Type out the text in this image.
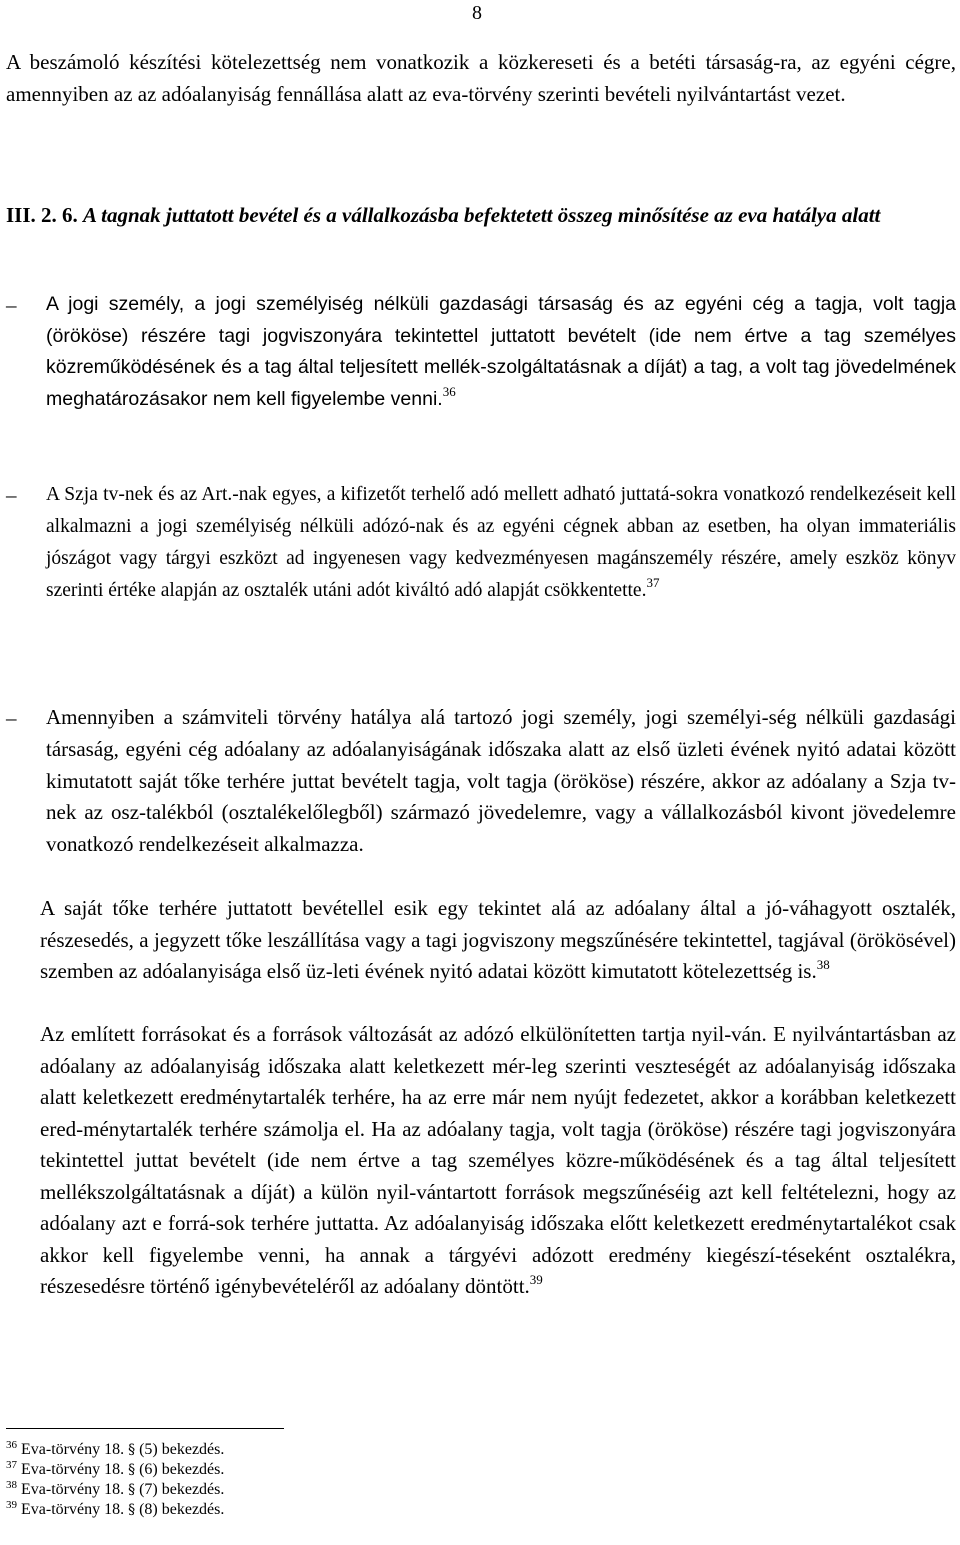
8

A beszámoló készítési kötelezettség nem vonatkozik a közkereseti és a betéti társaság-ra, az egyéni cégre, amennyiben az az adóalanyiság fennállása alatt az eva-törvény szerinti bevételi nyilvántartást vezet.

III. 2. 6. A tagnak juttatott bevétel és a vállalkozásba befektetett összeg minősítése az eva hatálya alatt

–	A jogi személy, a jogi személyiség nélküli gazdasági társaság és az egyéni cég a tagja, volt tagja (örököse) részére tagi jogviszonyára tekintettel juttatott bevételt (ide nem értve a tag személyes közreműködésének és a tag által teljesített mellék-szolgáltatásnak a díját) a tag, a volt tag jövedelmének meghatározásakor nem kell figyelembe venni.$^{36}$
–	A Szja tv-nek és az Art.-nak egyes, a kifizetőt terhelő adó mellett adható juttatá-sokra vonatkozó rendelkezéseit kell alkalmazni a jogi személyiség nélküli adózó-nak és az egyéni cégnek abban az esetben, ha olyan immateriális jószágot vagy tárgyi eszközt ad ingyenesen vagy kedvezményesen magánszemély részére, amely eszköz könyv szerinti értéke alapján az osztalék utáni adót kiváltó adó alapját csökkentette.$^{37}$
–	Amennyiben a számviteli törvény hatálya alá tartozó jogi személy, jogi személyi-ség nélküli gazdasági társaság, egyéni cég adóalany az adóalanyiságának időszaka alatt az első üzleti évének nyitó adatai között kimutatott saját tőke terhére juttat bevételt tagja, volt tagja (örököse) részére, akkor az adóalany a Szja tv-nek az osz-talékból (osztalékelőlegből) származó jövedelemre, vagy a vállalkozásból kivont jövedelemre vonatkozó rendelkezéseit alkalmazza.

A saját tőke terhére juttatott bevétellel esik egy tekintet alá az adóalany által a jó-váhagyott osztalék, részesedés, a jegyzett tőke leszállítása vagy a tagi jogviszony megszűnésére tekintettel, tagjával (örökösével) szemben az adóalanyisága első üz-leti évének nyitó adatai között kimutatott kötelezettség is.$^{38}$

Az említett forrásokat és a források változását az adózó elkülönítetten tartja nyil-ván. E nyilvántartásban az adóalany az adóalanyiság időszaka alatt keletkezett mér-leg szerinti veszteségét az adóalanyiság időszaka alatt keletkezett eredménytartalék terhére, ha az erre már nem nyújt fedezetet, akkor a korábban keletkezett ered-ménytartalék terhére számolja el. Ha az adóalany tagja, volt tagja (örököse) részére tagi jogviszonyára tekintettel juttat bevételt (ide nem értve a tag személyes közre-működésének és a tag által teljesített mellékszolgáltatásnak a díját) a külön nyil-vántartott források megszűnéséig azt kell feltételezni, hogy az adóalany azt e forrá-sok terhére juttatta. Az adóalanyiság időszaka előtt keletkezett eredménytartalékot csak akkor kell figyelembe venni, ha annak a tárgyévi adózott eredmény kiegészí-téseként osztalékra, részesedésre történő igénybevételéről az adóalany döntött.$^{39}$

$^{36}$ Eva-törvény 18. § (5) bekezdés.
$^{37}$ Eva-törvény 18. § (6) bekezdés.
$^{38}$ Eva-törvény 18. § (7) bekezdés.
$^{39}$ Eva-törvény 18. § (8) bekezdés.
